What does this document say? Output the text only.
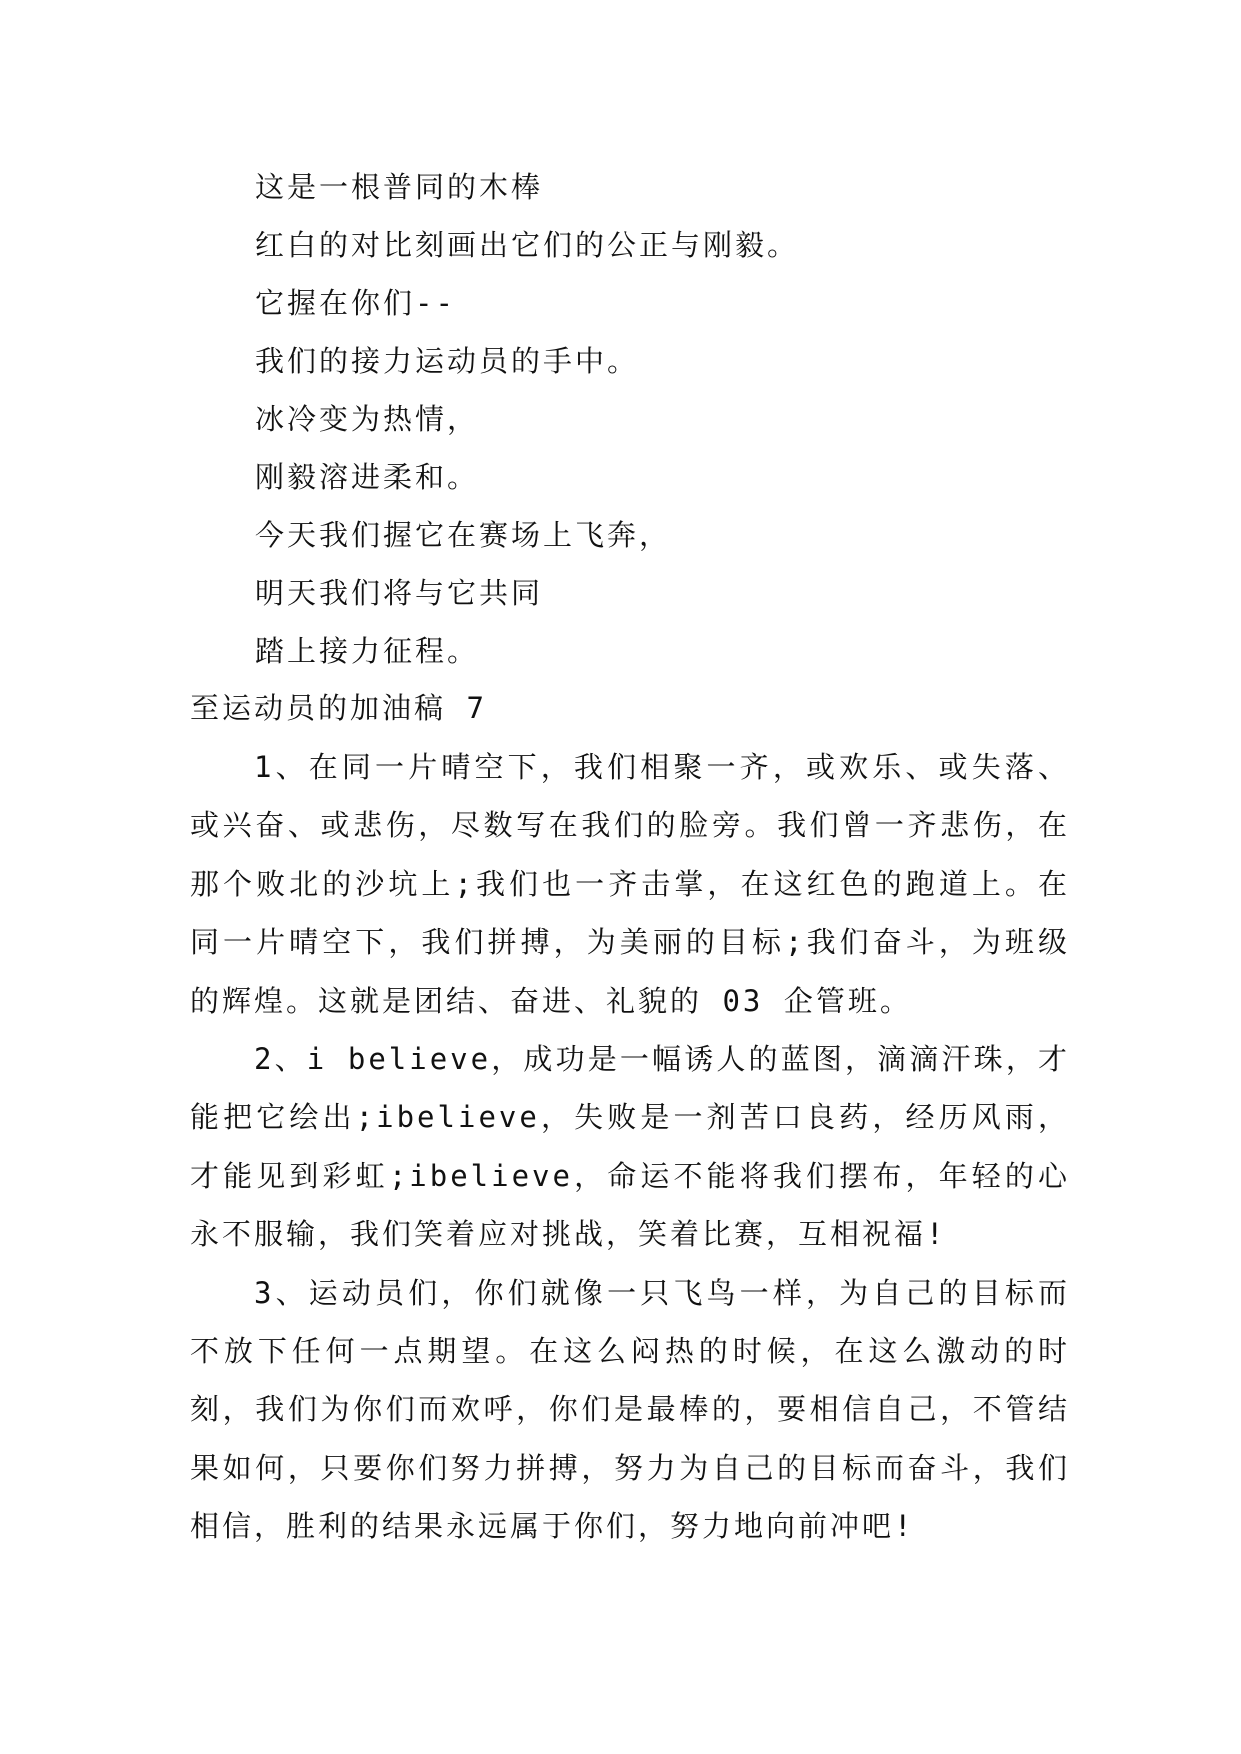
这是一根普同的木棒
红白的对比刻画出它们的公正与刚毅。
它握在你们--
我们的接力运动员的手中。
冰冷变为热情，
刚毅溶进柔和。
今天我们握它在赛场上飞奔，
明天我们将与它共同
踏上接力征程。
至运动员的加油稿 7

1、在同一片晴空下，我们相聚一齐，或欢乐、或失落、或兴奋、或悲伤，尽数写在我们的脸旁。我们曾一齐悲伤，在那个败北的沙坑上;我们也一齐击掌，在这红色的跑道上。在同一片晴空下，我们拼搏，为美丽的目标;我们奋斗，为班级的辉煌。这就是团结、奋进、礼貌的 03 企管班。

2、i believe，成功是一幅诱人的蓝图，滴滴汗珠，才能把它绘出;ibelieve，失败是一剂苦口良药，经历风雨，才能见到彩虹;ibelieve，命运不能将我们摆布，年轻的心永不服输，我们笑着应对挑战，笑着比赛，互相祝福!

3、运动员们，你们就像一只飞鸟一样，为自己的目标而不放下任何一点期望。在这么闷热的时候，在这么激动的时刻，我们为你们而欢呼，你们是最棒的，要相信自己，不管结果如何，只要你们努力拼搏，努力为自己的目标而奋斗，我们相信，胜利的结果永远属于你们，努力地向前冲吧!
